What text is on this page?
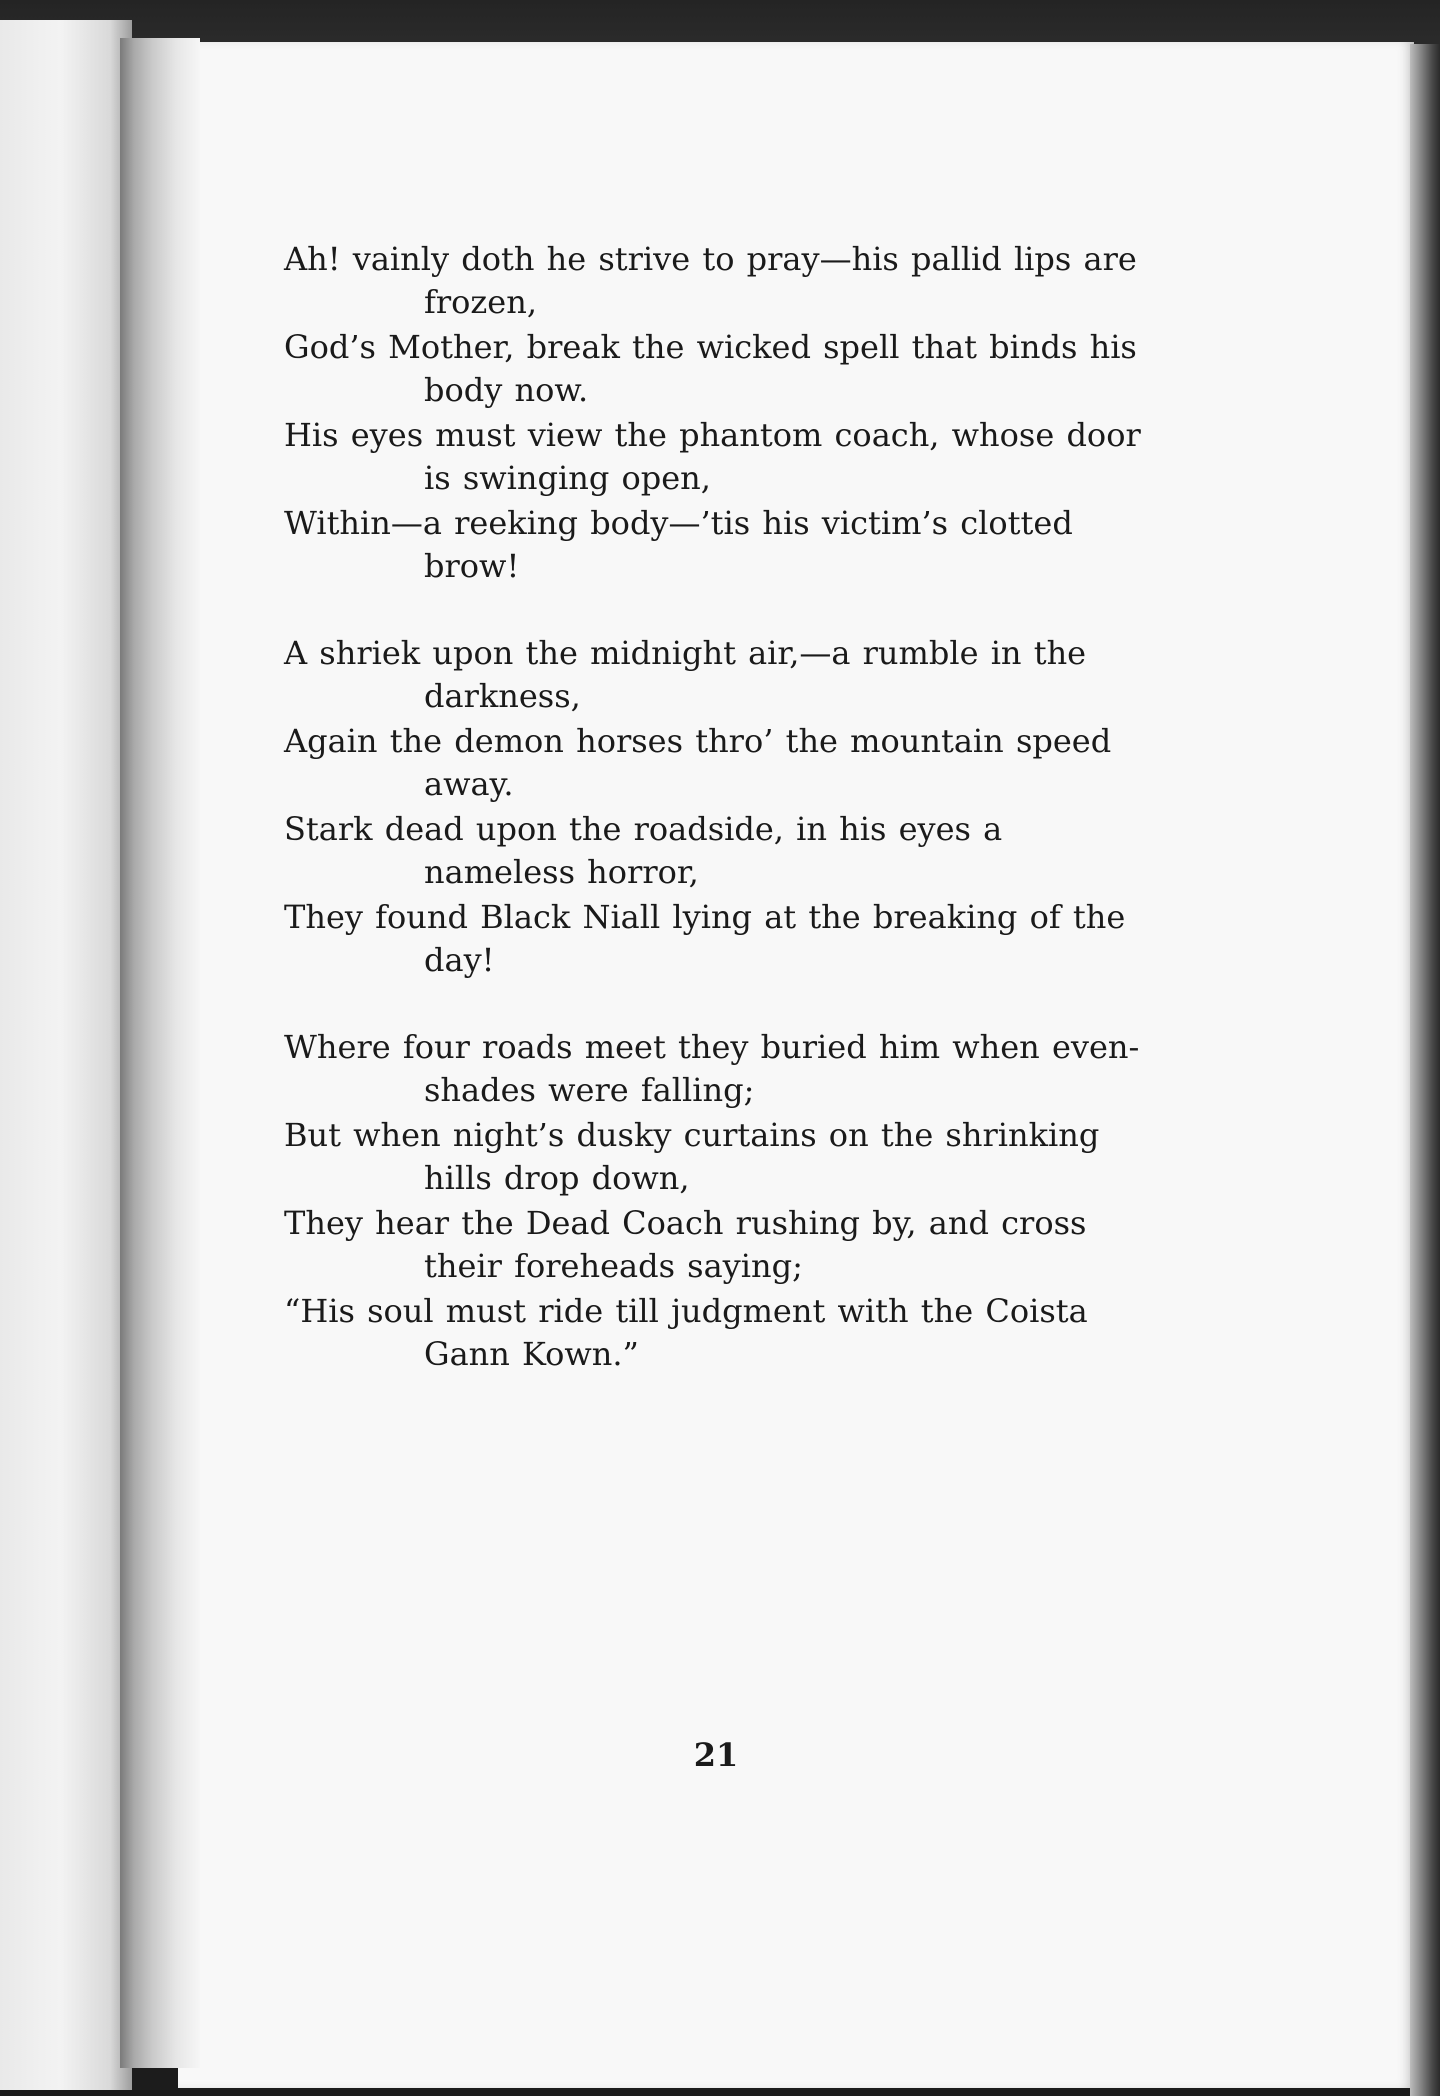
Ah! vainly doth he strive to pray—his pallid lips are frozen,
God’s Mother, break the wicked spell that binds his body now.
His eyes must view the phantom coach, whose door is swinging open,
Within—a reeking body—’tis his victim’s clotted brow!
A shriek upon the midnight air,—a rumble in the darkness,
Again the demon horses thro’ the mountain speed away.
Stark dead upon the roadside, in his eyes a nameless horror,
They found Black Niall lying at the breaking of the day!
Where four roads meet they buried him when even-shades were falling;
But when night’s dusky curtains on the shrinking hills drop down,
They hear the Dead Coach rushing by, and cross their foreheads saying;
“His soul must ride till judgment with the Coista Gann Kown.”
21
